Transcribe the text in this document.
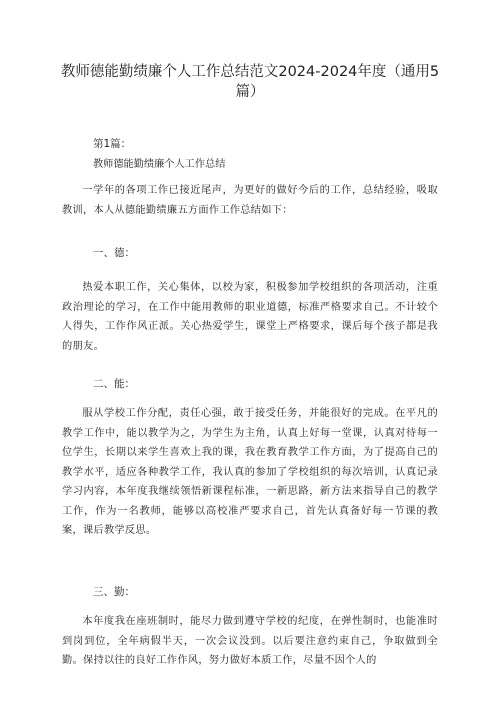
教师德能勤绩廉个人工作总结范文2024-2024年度（通用5篇）
第1篇：
教师德能勤绩廉个人工作总结

一学年的各项工作已接近尾声，为更好的做好今后的工作，总结经验，吸取教训，本人从德能勤绩廉五方面作工作总结如下：

一、德：

热爱本职工作，关心集体，以校为家，积极参加学校组织的各项活动，注重政治理论的学习，在工作中能用教师的职业道德，标准严格要求自己。不计较个人得失，工作作风正派。关心热爱学生，课堂上严格要求，课后每个孩子都是我的朋友。

二、能：

服从学校工作分配，责任心强，敢于接受任务，并能很好的完成。在平凡的教学工作中，能以教学为之，为学生为主角，认真上好每一堂课，认真对待每一位学生，长期以来学生喜欢上我的课，我在教育教学工作方面，为了提高自己的教学水平，适应各种教学工作，我认真的参加了学校组织的每次培训，认真记录学习内容，本年度我继续领悟新课程标准，一新思路，新方法来指导自己的教学工作，作为一名教师，能够以高校准严要求自己，首先认真备好每一节课的教案，课后教学反思。

三、勤：

本年度我在座班制时，能尽力做到遵守学校的纪度，在弹性制时，也能准时到岗到位，全年病假半天，一次会议没到。以后要注意约束自己，争取做到全勤。保持以往的良好工作作风，努力做好本质工作，尽量不因个人的
